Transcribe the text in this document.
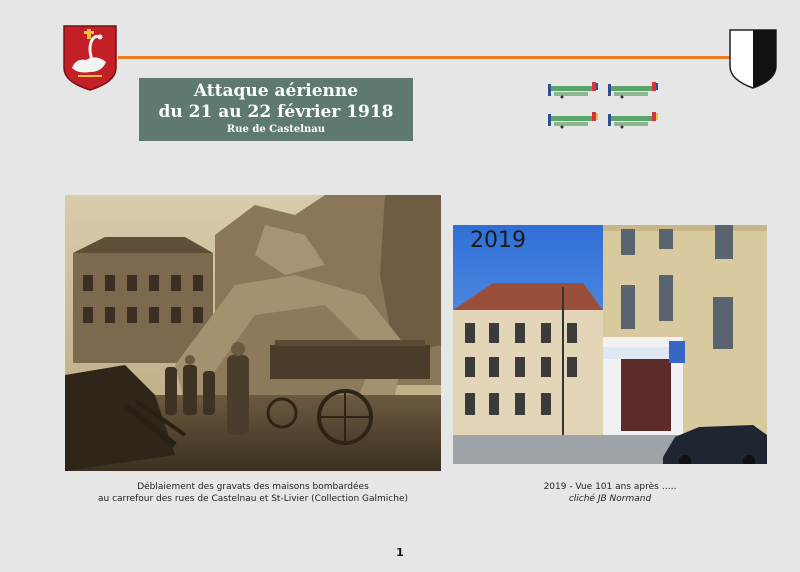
Attaque aérienne
du 21 au 22 février 1918
Rue de Castelnau
2019
Déblaiement des gravats des maisons bombardées
au carrefour des rues de Castelnau et St-Livier (Collection Galmiche)
2019 - Vue 101 ans après …..
cliché JB Normand
1
